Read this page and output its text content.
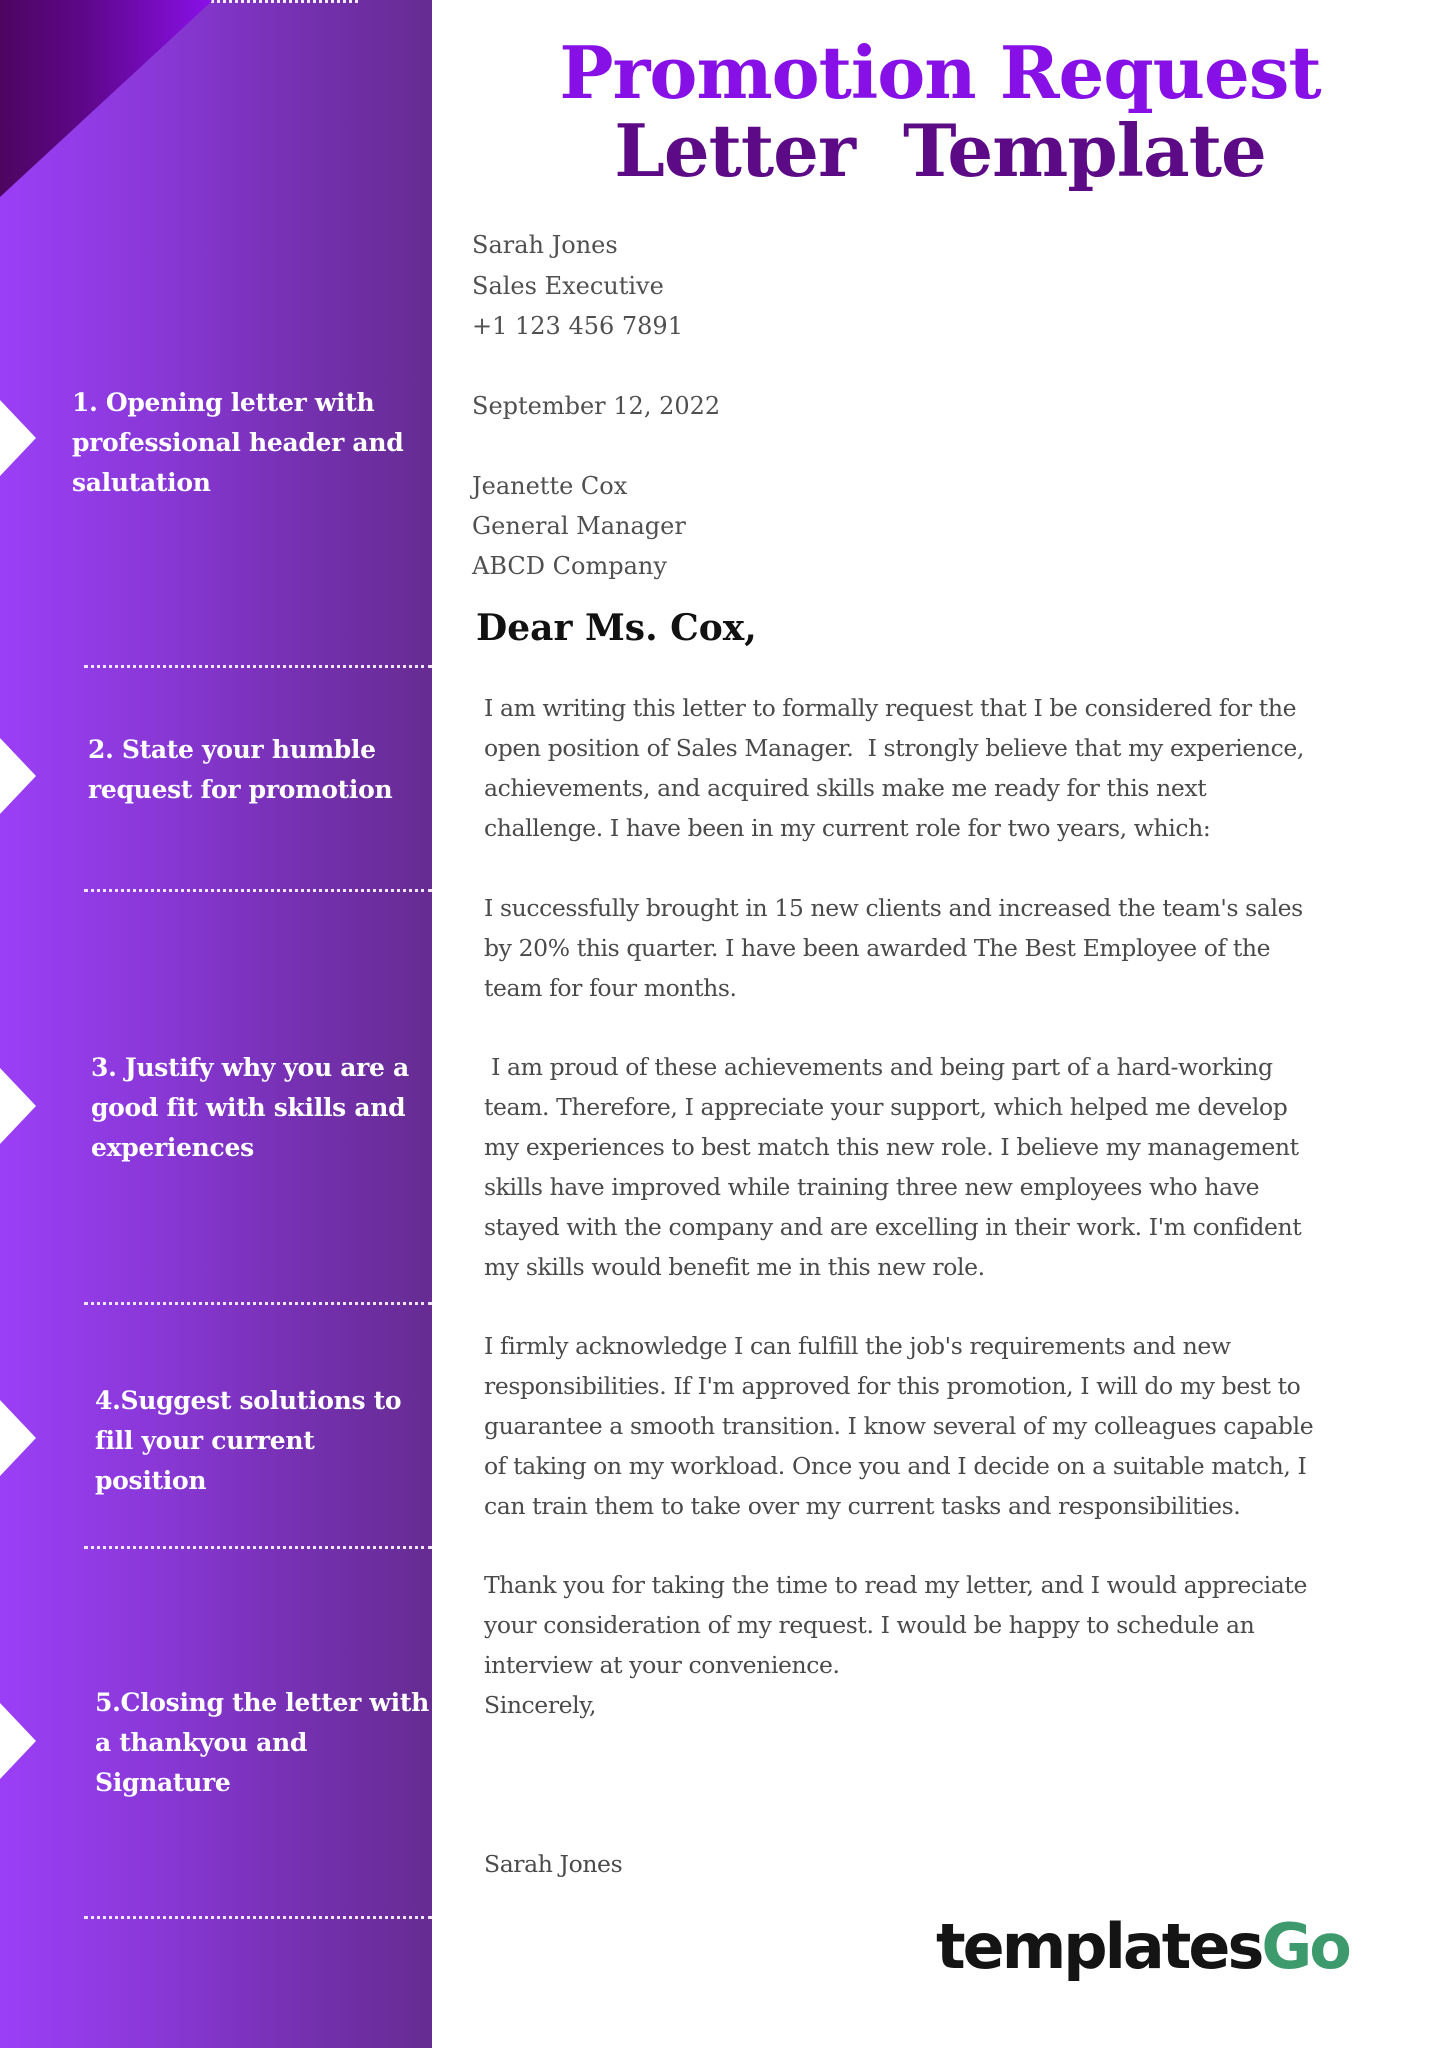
1. Opening letter with
professional header and
salutation
2. State your humble
request for promotion
3. Justify why you are a
good fit with skills and
experiences
4.Suggest solutions to
fill your current
position
5.Closing the letter with
a thankyou and
Signature
Promotion Request
Letter  Template
Sarah Jones
Sales Executive
+1 123 456 7891
September 12, 2022
Jeanette Cox
General Manager
ABCD Company
Dear Ms. Cox,
I am writing this letter to formally request that I be considered for the
open position of Sales Manager.  I strongly believe that my experience,
achievements, and acquired skills make me ready for this next
challenge. I have been in my current role for two years, which:
I successfully brought in 15 new clients and increased the team's sales
by 20% this quarter. I have been awarded The Best Employee of the
team for four months.
I am proud of these achievements and being part of a hard-working
team. Therefore, I appreciate your support, which helped me develop
my experiences to best match this new role. I believe my management
skills have improved while training three new employees who have
stayed with the company and are excelling in their work. I'm confident
my skills would benefit me in this new role.
I firmly acknowledge I can fulfill the job's requirements and new
responsibilities. If I'm approved for this promotion, I will do my best to
guarantee a smooth transition. I know several of my colleagues capable
of taking on my workload. Once you and I decide on a suitable match, I
can train them to take over my current tasks and responsibilities.
Thank you for taking the time to read my letter, and I would appreciate
your consideration of my request. I would be happy to schedule an
interview at your convenience.
Sincerely,
Sarah Jones
templatesGo
